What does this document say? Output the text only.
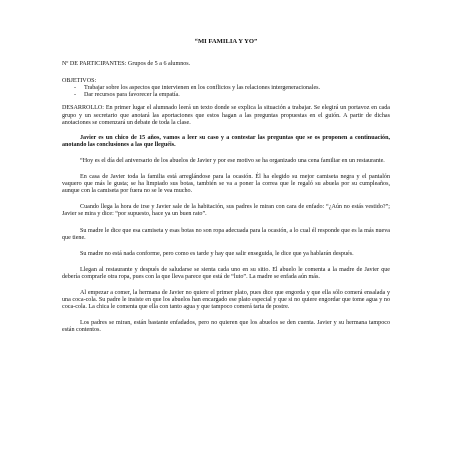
“MI FAMILIA Y YO”

Nº DE PARTICIPANTES: Grupos de 5 a 6 alumnos.

OBJETIVOS:

- Trabajar sobre los aspectos que intervienen en los conflictos y las relaciones intergeneracionales.
- Dar recursos para favorecer la empatía.

DESARROLLO: En primer lugar el alumnado leerá un texto donde se explica la situación a trabajar. Se elegirá un portavoz en cada grupo y un secretario que anotará las aportaciones que estos hagan a las preguntas propuestas en el guión. A partir de dichas anotaciones se comenzará un debate de toda la clase.

Javier es un chico de 15 años, vamos a leer su caso y a contestar las preguntas que se os proponen a continuación, anotando las conclusiones a las que lleguéis.

“Hoy es el día del aniversario de los abuelos de Javier y por ese motivo se ha organizado una cena familiar en un restaurante.

En casa de Javier toda la familia está arreglándose para la ocasión. Él ha elegido su mejor camiseta negra y el pantalón vaquero que más le gusta; se ha limpiado sus botas, también se va a poner la correa que le regaló su abuela por su cumpleaños, aunque con la camiseta por fuera no se le vea mucho.

Cuando llega la hora de irse y Javier sale de la habitación, sus padres le miran con cara de enfado: “¿Aún no estás vestido?”; Javier se mira y dice: “por supuesto, hace ya un buen rato”.

Su madre le dice que esa camiseta y esas botas no son ropa adecuada para la ocasión, a lo cual él responde que es la más nueva que tiene.

Su madre no está nada conforme, pero como es tarde y hay que salir enseguida, le dice que ya hablarán después.

Llegan al restaurante y después de saludarse se sienta cada uno en su sitio. El abuelo le comenta a la madre de Javier que debería comprarle otra ropa, pues con la que lleva parece que está de “luto”. La madre se enfada aún más.

Al empezar a comer, la hermana de Javier no quiere el primer plato, pues dice que engorda y que ella sólo comerá ensalada y una coca-cola. Su padre le insiste en que los abuelos han encargado ese plato especial y que si no quiere engordar que tome agua y no coca-cola. La chica le comenta que ella con tanto agua y que tampoco comerá tarta de postre.

Los padres se miran, están bastante enfadados, pero no quieren que los abuelos se den cuenta. Javier y su hermana tampoco están contentos.
